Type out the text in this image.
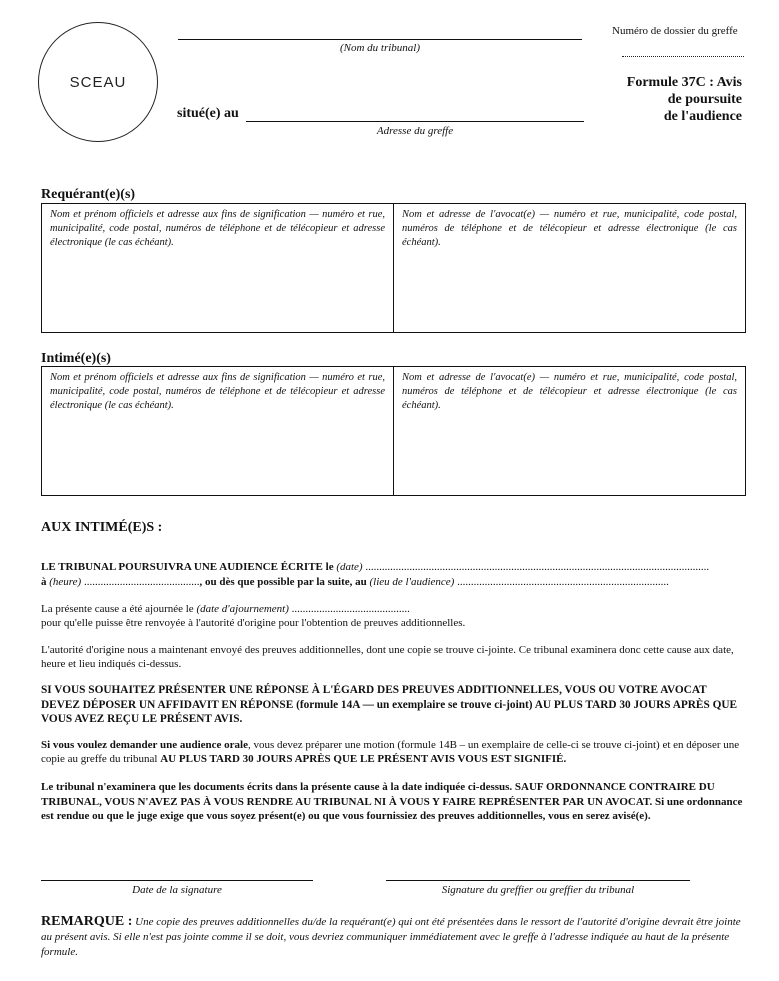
SCEAU
(Nom du tribunal)
situé(e) au
Adresse du greffe
Numéro de dossier du greffe
Formule 37C : Avis
de poursuite
de l'audience
Requérant(e)(s)
Nom et prénom officiels et adresse aux fins de signification — numéro et rue, municipalité, code postal, numéros de téléphone et de télécopieur et adresse électronique (le cas échéant).
Nom et adresse de l'avocat(e) — numéro et rue, municipalité, code postal, numéros de téléphone et de télécopieur et adresse électronique (le cas échéant).
Intimé(e)(s)
Nom et prénom officiels et adresse aux fins de signification — numéro et rue, municipalité, code postal, numéros de téléphone et de télécopieur et adresse électronique (le cas échéant).
Nom et adresse de l'avocat(e) — numéro et rue, municipalité, code postal, numéros de téléphone et de télécopieur et adresse électronique (le cas échéant).
AUX INTIMÉ(E)S :
LE TRIBUNAL POURSUIVRA UNE AUDIENCE ÉCRITE le (date) .............................................................................................................................
à (heure) .........................................., ou dès que possible par la suite, au (lieu de l'audience) .............................................................................
La présente cause a été ajournée le (date d'ajournement) ...........................................
pour qu'elle puisse être renvoyée à l'autorité d'origine pour l'obtention de preuves additionnelles.
L'autorité d'origine nous a maintenant envoyé des preuves additionnelles, dont une copie se trouve ci-jointe. Ce tribunal examinera donc cette cause aux date, heure et lieu indiqués ci-dessus.
SI VOUS SOUHAITEZ PRÉSENTER UNE RÉPONSE À L'ÉGARD DES PREUVES ADDITIONNELLES, VOUS OU VOTRE AVOCAT DEVEZ DÉPOSER UN AFFIDAVIT EN RÉPONSE (formule 14A — un exemplaire se trouve ci-joint) AU PLUS TARD 30 JOURS APRÈS QUE VOUS AVEZ REÇU LE PRÉSENT AVIS.
Si vous voulez demander une audience orale, vous devez préparer une motion (formule 14B – un exemplaire de celle-ci se trouve ci-joint) et en déposer une copie au greffe du tribunal AU PLUS TARD 30 JOURS APRÈS QUE LE PRÉSENT AVIS VOUS EST SIGNIFIÉ.
Le tribunal n'examinera que les documents écrits dans la présente cause à la date indiquée ci-dessus. SAUF ORDONNANCE CONTRAIRE DU TRIBUNAL, VOUS N'AVEZ PAS À VOUS RENDRE AU TRIBUNAL NI À VOUS Y FAIRE REPRÉSENTER PAR UN AVOCAT. Si une ordonnance est rendue ou que le juge exige que vous soyez présent(e) ou que vous fournissiez des preuves additionnelles, vous en serez avisé(e).
Date de la signature	Signature du greffier ou greffier du tribunal
REMARQUE : Une copie des preuves additionnelles du/de la requérant(e) qui ont été présentées dans le ressort de l'autorité d'origine devrait être jointe au présent avis. Si elle n'est pas jointe comme il se doit, vous devriez communiquer immédiatement avec le greffe à l'adresse indiquée au haut de la présente formule.
